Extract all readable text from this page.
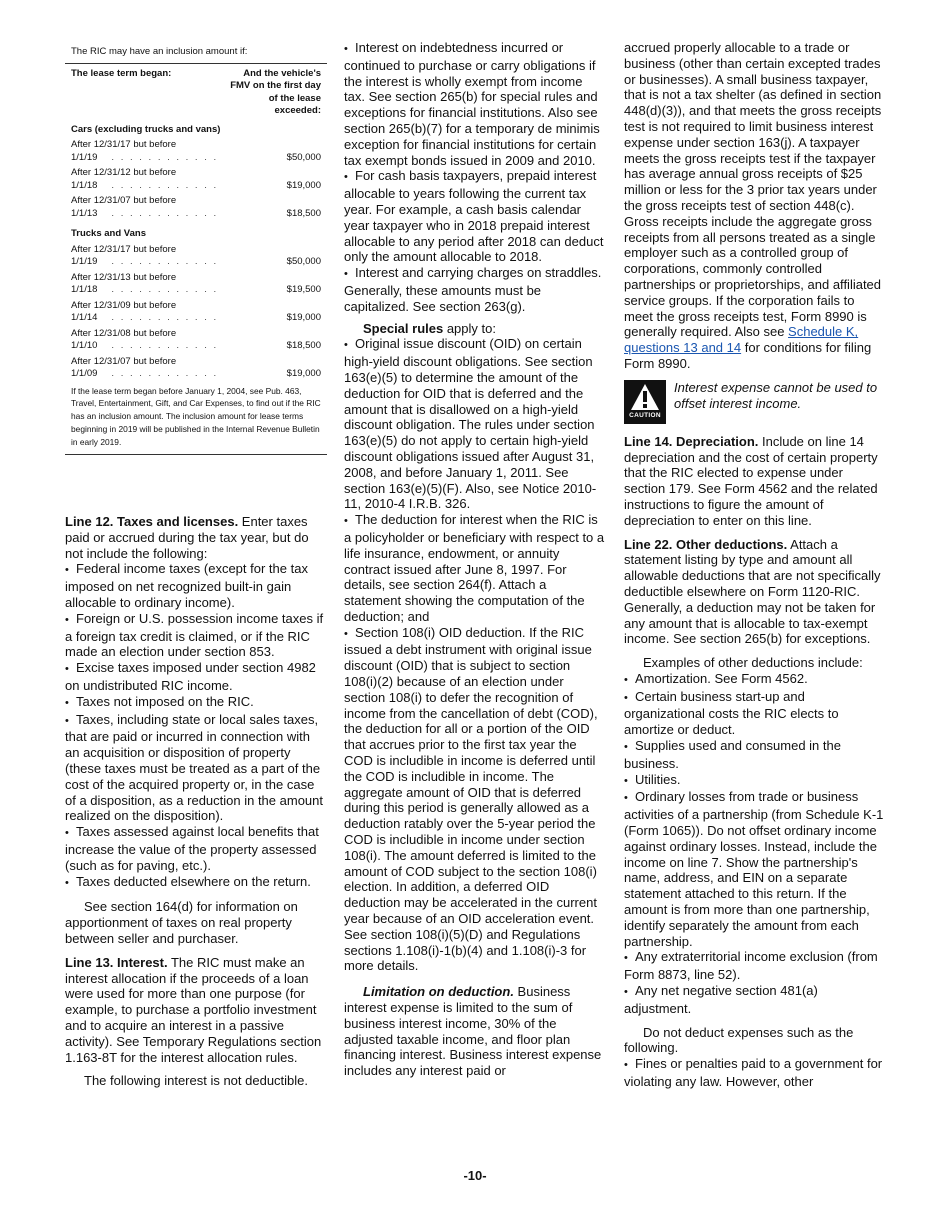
The RIC may have an inclusion amount if:
The lease term began:	And the vehicle's FMV on the first day of the lease exceeded:
Cars (excluding trucks and vans)
After 12/31/17 but before
1/1/19	. . . . . . . . . . . .	$50,000
After 12/31/12 but before
1/1/18	. . . . . . . . . . . .	$19,000
After 12/31/07 but before
1/1/13	. . . . . . . . . . . .	$18,500
Trucks and Vans
After 12/31/17 but before
1/1/19	. . . . . . . . . . . .	$50,000
After 12/31/13 but before
1/1/18	. . . . . . . . . . . .	$19,500
After 12/31/09 but before
1/1/14	. . . . . . . . . . . .	$19,000
After 12/31/08 but before
1/1/10	. . . . . . . . . . . .	$18,500
After 12/31/07 but before
1/1/09	. . . . . . . . . . . .	$19,000
If the lease term began before January 1, 2004, see Pub. 463, Travel, Entertainment, Gift, and Car Expenses, to find out if the RIC has an inclusion amount. The inclusion amount for lease terms beginning in 2019 will be published in the Internal Revenue Bulletin in early 2019.

Line 12. Taxes and licenses. Enter taxes paid or accrued during the tax year, but do not include the following:

• Federal income taxes (except for the tax imposed on net recognized built-in gain allocable to ordinary income).
• Foreign or U.S. possession income taxes if a foreign tax credit is claimed, or if the RIC made an election under section 853.
• Excise taxes imposed under section 4982 on undistributed RIC income.
• Taxes not imposed on the RIC.
• Taxes, including state or local sales taxes, that are paid or incurred in connection with an acquisition or disposition of property (these taxes must be treated as a part of the cost of the acquired property or, in the case of a disposition, as a reduction in the amount realized on the disposition).
• Taxes assessed against local benefits that increase the value of the property assessed (such as for paving, etc.).
• Taxes deducted elsewhere on the return.

See section 164(d) for information on apportionment of taxes on real property between seller and purchaser.

Line 13. Interest. The RIC must make an interest allocation if the proceeds of a loan were used for more than one purpose (for example, to purchase a portfolio investment and to acquire an interest in a passive activity). See Temporary Regulations section 1.163-8T for the interest allocation rules.

The following interest is not deductible.

• Interest on indebtedness incurred or continued to purchase or carry obligations if the interest is wholly exempt from income tax. See section 265(b) for special rules and exceptions for financial institutions. Also see section 265(b)(7) for a temporary de minimis exception for financial institutions for certain tax exempt bonds issued in 2009 and 2010.
• For cash basis taxpayers, prepaid interest allocable to years following the current tax year. For example, a cash basis calendar year taxpayer who in 2018 prepaid interest allocable to any period after 2018 can deduct only the amount allocable to 2018.
• Interest and carrying charges on straddles. Generally, these amounts must be capitalized. See section 263(g).

Special rules apply to:

• Original issue discount (OID) on certain high-yield discount obligations. See section 163(e)(5) to determine the amount of the deduction for OID that is deferred and the amount that is disallowed on a high-yield discount obligation. The rules under section 163(e)(5) do not apply to certain high-yield discount obligations issued after August 31, 2008, and before January 1, 2011. See section 163(e)(5)(F). Also, see Notice 2010-11, 2010-4 I.R.B. 326.
• The deduction for interest when the RIC is a policyholder or beneficiary with respect to a life insurance, endowment, or annuity contract issued after June 8, 1997. For details, see section 264(f). Attach a statement showing the computation of the deduction; and
• Section 108(i) OID deduction. If the RIC issued a debt instrument with original issue discount (OID) that is subject to section 108(i)(2) because of an election under section 108(i) to defer the recognition of income from the cancellation of debt (COD), the deduction for all or a portion of the OID that accrues prior to the first tax year the COD is includible in income is deferred until the COD is includible in income. The aggregate amount of OID that is deferred during this period is generally allowed as a deduction ratably over the 5-year period the COD is includible in income under section 108(i). The amount deferred is limited to the amount of COD subject to the section 108(i) election. In addition, a deferred OID deduction may be accelerated in the current year because of an OID acceleration event. See section 108(i)(5)(D) and Regulations sections 1.108(i)-1(b)(4) and 1.108(i)-3 for more details.

Limitation on deduction. Business interest expense is limited to the sum of business interest income, 30% of the adjusted taxable income, and floor plan financing interest. Business interest expense includes any interest paid or

accrued properly allocable to a trade or business (other than certain excepted trades or businesses). A small business taxpayer, that is not a tax shelter (as defined in section 448(d)(3)), and that meets the gross receipts test is not required to limit business interest expense under section 163(j). A taxpayer meets the gross receipts test if the taxpayer has average annual gross receipts of $25 million or less for the 3 prior tax years under the gross receipts test of section 448(c). Gross receipts include the aggregate gross receipts from all persons treated as a single employer such as a controlled group of corporations, commonly controlled partnerships or proprietorships, and affiliated service groups. If the corporation fails to meet the gross receipts test, Form 8990 is generally required. Also see Schedule K, questions 13 and 14 for conditions for filing Form 8990.

CAUTION
Interest expense cannot be used to offset interest income.

Line 14. Depreciation. Include on line 14 depreciation and the cost of certain property that the RIC elected to expense under section 179. See Form 4562 and the related instructions to figure the amount of depreciation to enter on this line.

Line 22. Other deductions. Attach a statement listing by type and amount all allowable deductions that are not specifically deductible elsewhere on Form 1120-RIC. Generally, a deduction may not be taken for any amount that is allocable to tax-exempt income. See section 265(b) for exceptions.

Examples of other deductions include:

• Amortization. See Form 4562.
• Certain business start-up and organizational costs the RIC elects to amortize or deduct.
• Supplies used and consumed in the business.
• Utilities.
• Ordinary losses from trade or business activities of a partnership (from Schedule K-1 (Form 1065)). Do not offset ordinary income against ordinary losses. Instead, include the income on line 7. Show the partnership's name, address, and EIN on a separate statement attached to this return. If the amount is from more than one partnership, identify separately the amount from each partnership.
• Any extraterritorial income exclusion (from Form 8873, line 52).
• Any net negative section 481(a) adjustment.

Do not deduct expenses such as the following.

• Fines or penalties paid to a government for violating any law. However, other
-10-
